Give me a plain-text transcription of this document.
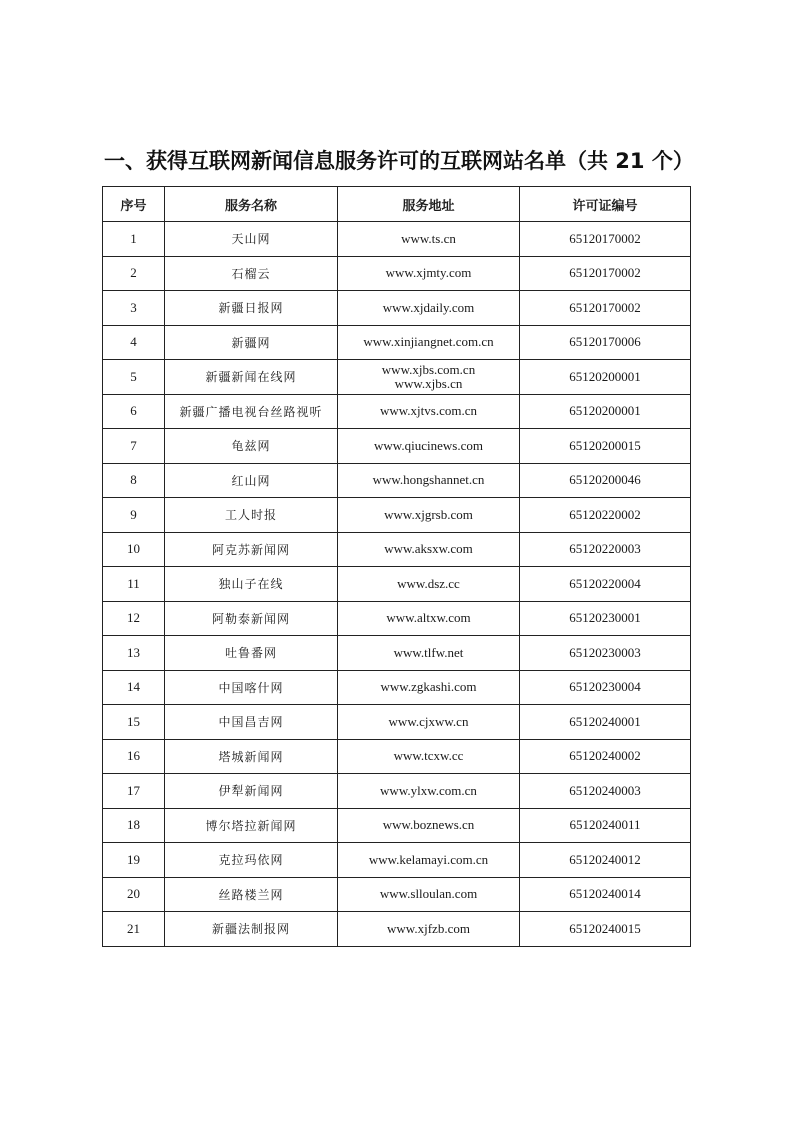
一、获得互联网新闻信息服务许可的互联网站名单（共 21 个）
序号	服务名称	服务地址	许可证编号
1	天山网	www.ts.cn	65120170002
2	石榴云	www.xjmty.com	65120170002
3	新疆日报网	www.xjdaily.com	65120170002
4	新疆网	www.xinjiangnet.com.cn	65120170006
5	新疆新闻在线网	www.xjbs.com.cn
www.xjbs.cn	65120200001
6	新疆广播电视台丝路视听	www.xjtvs.com.cn	65120200001
7	龟兹网	www.qiucinews.com	65120200015
8	红山网	www.hongshannet.cn	65120200046
9	工人时报	www.xjgrsb.com	65120220002
10	阿克苏新闻网	www.aksxw.com	65120220003
11	独山子在线	www.dsz.cc	65120220004
12	阿勒泰新闻网	www.altxw.com	65120230001
13	吐鲁番网	www.tlfw.net	65120230003
14	中国喀什网	www.zgkashi.com	65120230004
15	中国昌吉网	www.cjxww.cn	65120240001
16	塔城新闻网	www.tcxw.cc	65120240002
17	伊犁新闻网	www.ylxw.com.cn	65120240003
18	博尔塔拉新闻网	www.boznews.cn	65120240011
19	克拉玛依网	www.kelamayi.com.cn	65120240012
20	丝路楼兰网	www.slloulan.com	65120240014
21	新疆法制报网	www.xjfzb.com	65120240015
